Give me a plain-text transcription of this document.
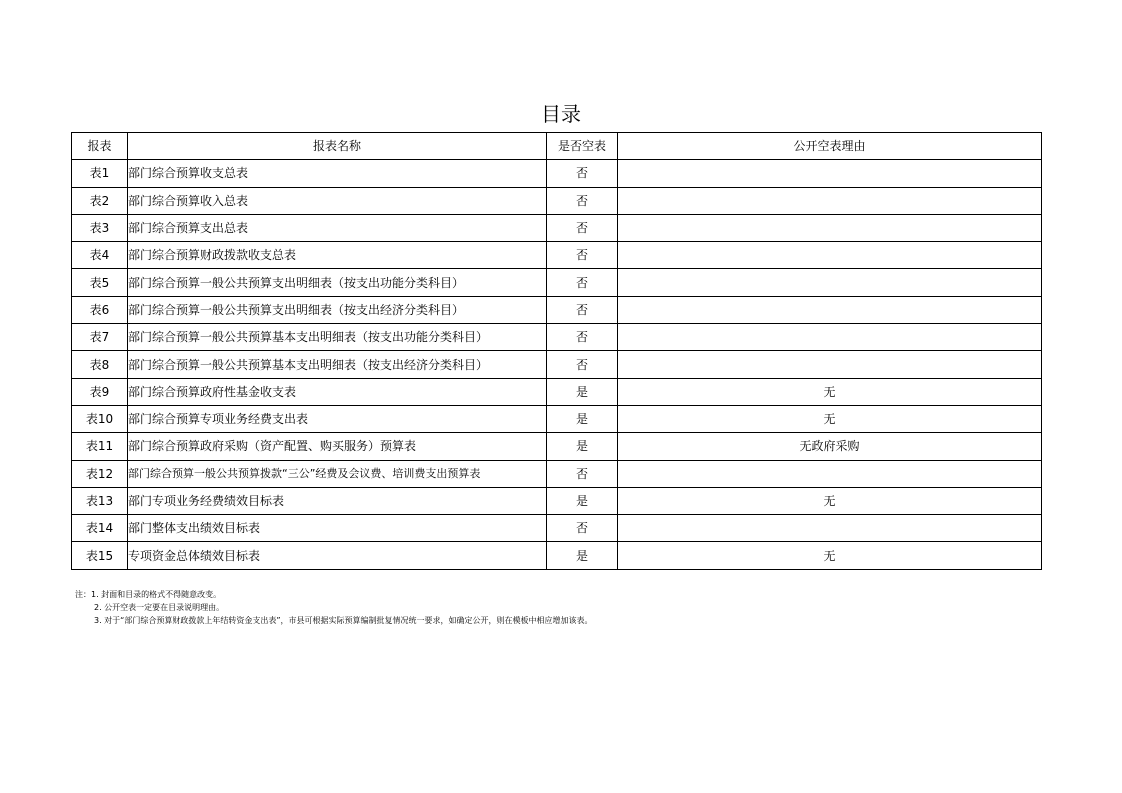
目录
报表	报表名称	是否空表	公开空表理由
表1	部门综合预算收支总表	否	
表2	部门综合预算收入总表	否	
表3	部门综合预算支出总表	否	
表4	部门综合预算财政拨款收支总表	否	
表5	部门综合预算一般公共预算支出明细表（按支出功能分类科目）	否	
表6	部门综合预算一般公共预算支出明细表（按支出经济分类科目）	否	
表7	部门综合预算一般公共预算基本支出明细表（按支出功能分类科目）	否	
表8	部门综合预算一般公共预算基本支出明细表（按支出经济分类科目）	否	
表9	部门综合预算政府性基金收支表	是	无
表10	部门综合预算专项业务经费支出表	是	无
表11	部门综合预算政府采购（资产配置、购买服务）预算表	是	无政府采购
表12	部门综合预算一般公共预算拨款“三公”经费及会议费、培训费支出预算表	否	
表13	部门专项业务经费绩效目标表	是	无
表14	部门整体支出绩效目标表	否	
表15	专项资金总体绩效目标表	是	无
注：1. 封面和目录的格式不得随意改变。
2. 公开空表一定要在目录说明理由。
3. 对于“部门综合预算财政拨款上年结转资金支出表”，市县可根据实际预算编制批复情况统一要求，如确定公开，则在模板中相应增加该表。
